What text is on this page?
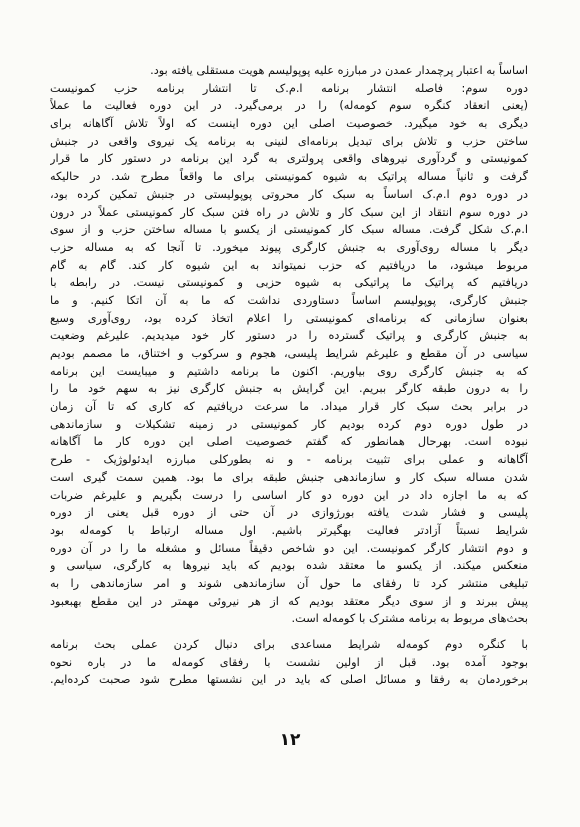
اساساً به اعتبار پرچمدار عمدن در مبارزه علیه پوپولیسم هویت مستقلی یافته بود.
دوره سوم: فاصله انتشار برنامه ا.م.ک تا انتشار برنامه حزب کمونیست
(یعنی انعقاد کنگره سوم کومه‌له) را در برمی‌گیرد. در این دوره فعالیت ما عملاً
دیگری به خود میگیرد. خصوصیت اصلی این دوره اینست که اولاً تلاش آگاهانه برای
ساختن حزب و تلاش برای تبدیل برنامه‌ای لنینی به برنامه یک نیروی واقعی در جنبش
کمونیستی و گردآوری نیروهای واقعی پرولتری به گرد این برنامه در دستور کار ما قرار
گرفت و ثانیاً مساله پراتیک به شیوه کمونیستی برای ما واقعاً مطرح شد. در حالیکه
در دوره دوم ا.م.ک اساساً به سبک کار محروتی پوپولیستی در جنبش تمکین کرده بود،
در دوره سوم انتقاد از این سبک کار و تلاش در راه فتن سبک کار کمونیستی عملاً در درون
ا.م.ک شکل گرفت. مساله سبک کار کمونیستی از یکسو با مساله ساختن حزب و از سوی
دیگر با مساله روی‌آوری به جنبش کارگری پیوند میخورد. تا آنجا که به مساله حزب
مربوط میشود، ما دریافتیم که حزب نمیتواند به این شیوه کار کند. گام به گام
دریافتیم که پراتیک ما پراتیکی به شیوه حزبی و کمونیستی نیست. در رابطه با
جنبش کارگری، پوپولیسم اساساً دستاوردی نداشت که ما به آن اتکا کنیم. و ما
بعنوان سازمانی که برنامه‌ای کمونیستی را اعلام اتخاذ کرده بود، روی‌آوری وسیع
به جنبش کارگری و پراتیک گسترده را در دستور کار خود میدیدیم. علیرغم وضعیت
سیاسی در آن مقطع و علیرغم شرایط پلیسی، هجوم و سرکوب و اختناق، ما مصمم بودیم
که به جنبش کارگری روی بیاوریم. اکنون ما برنامه داشتیم و میبایست این برنامه
را به درون طبقه کارگر ببریم. این گرایش به جنبش کارگری نیز به سهم خود ما را
در برابر بحث سبک کار قرار میداد. ما سرعت دریافتیم که کاری که تا آن زمان
در طول دوره دوم کرده بودیم کار کمونیستی در زمینه تشکیلات و سازماندهی
نبوده است. بهرحال همانطور که گفتم خصوصیت اصلی این دوره کار ما آگاهانه
آگاهانه و عملی برای تثبیت برنامه - و نه بطورکلی مبارزه ایدئولوژیک - طرح
شدن مساله سبک کار و سازماندهی جنبش طبقه برای ما بود. همین سمت گیری است
که به ما اجازه داد در این دوره دو کار اساسی را درست بگیریم و علیرغم ضربات
پلیسی و فشار شدت یافته بورژوازی در آن حتی از دوره قبل یعنی از دوره
شرایط نسبتاً آزادتر فعالیت بهگیرتر باشیم. اول مساله ارتباط با کومه‌له بود
و دوم انتشار کارگر کمونیست. این دو شاخص دقیقاً مسائل و مشغله ما را در آن دوره
منعکس میکند. از یکسو ما معتقد شده بودیم که باید نیروها به کارگری، سیاسی و
تبلیغی منتشر کرد تا رفقای ما حول آن سازماندهی شوند و امر سازماندهی را به
پیش ببرند و از سوی دیگر معتقد بودیم که از هر نیروئی مهمتر در این مقطع بهبعبود
بحث‌های مربوط به برنامه مشترک با کومه‌له است.
با کنگره دوم کومه‌له شرایط مساعدی برای دنبال کردن عملی بحث برنامه
بوجود آمده بود. قبل از اولین نشست با رفقای کومه‌له ما در باره نحوه
برخوردمان به رفقا و مسائل اصلی که باید در این نشستها مطرح شود صحبت کرده‌ایم.
۱۲
